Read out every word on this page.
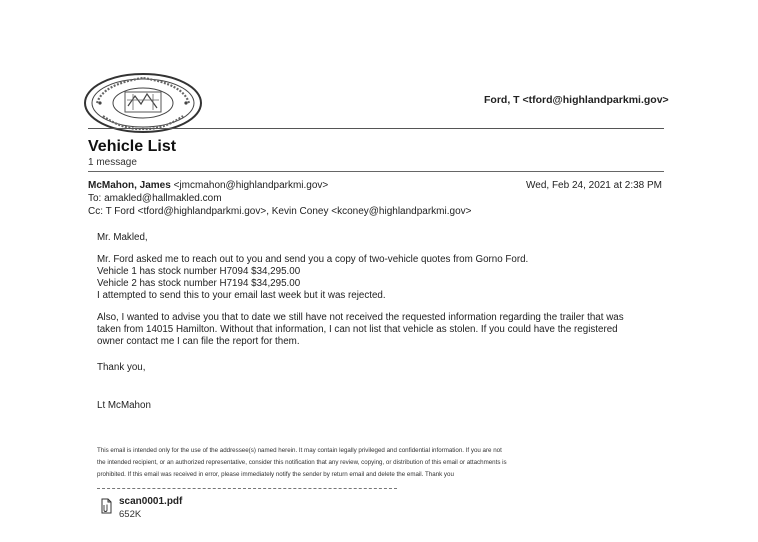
Ford, T <tford@highlandparkmi.gov>
Vehicle List
1 message
McMahon, James <jmcmahon@highlandparkmi.gov>	Wed, Feb 24, 2021 at 2:38 PM
To: amakled@hallmakled.com
Cc: T Ford <tford@highlandparkmi.gov>, Kevin Coney <kconey@highlandparkmi.gov>
Mr. Makled,
Mr. Ford asked me to reach out to you and send you a copy of two-vehicle quotes from Gorno Ford.
Vehicle 1 has stock number H7094 $34,295.00
Vehicle 2 has stock number H7194 $34,295.00
I attempted to send this to your email last week but it was rejected.
Also, I wanted to advise you that to date we still have not received the requested information regarding the trailer that was
taken from 14015 Hamilton. Without that information, I can not list that vehicle as stolen. If you could have the registered
owner contact me I can file the report for them.
Thank you,
Lt McMahon
This email is intended only for the use of the addressee(s) named herein. It may contain legally privileged and confidential information. If you are not
the intended recipient, or an authorized representative, consider this notification that any review, copying, or distribution of this email or attachments is
prohibited. If this email was received in error, please immediately notify the sender by return email and delete the email. Thank you
scan0001.pdf
652K
